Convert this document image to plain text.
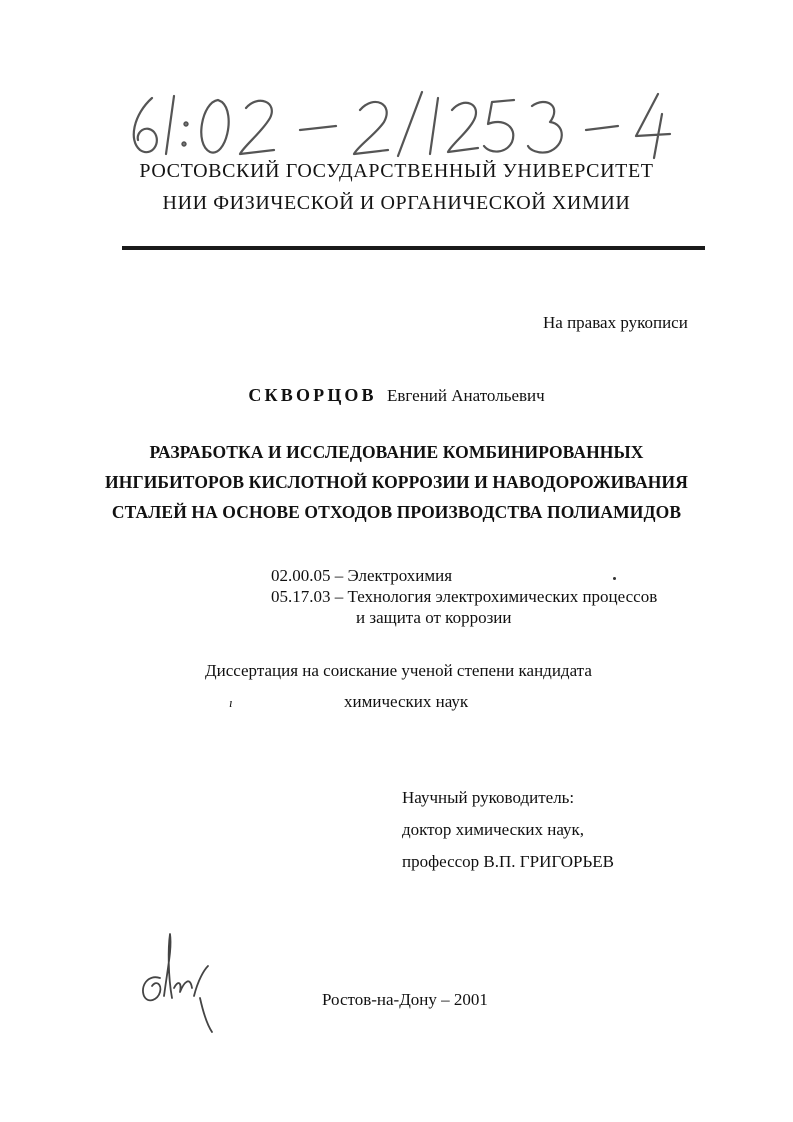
РОСТОВСКИЙ ГОСУДАРСТВЕННЫЙ УНИВЕРСИТЕТ
НИИ ФИЗИЧЕСКОЙ И ОРГАНИЧЕСКОЙ ХИМИИ
На правах рукописи
СКВОРЦОВ Евгений Анатольевич
РАЗРАБОТКА И ИССЛЕДОВАНИЕ КОМБИНИРОВАННЫХ
ИНГИБИТОРОВ КИСЛОТНОЙ КОРРОЗИИ И НАВОДОРОЖИВАНИЯ
СТАЛЕЙ НА ОСНОВЕ ОТХОДОВ ПРОИЗВОДСТВА ПОЛИАМИДОВ
02.00.05 – Электрохимия
05.17.03 – Технология электрохимических процессов
и защита от коррозии
Диссертация на соискание ученой степени кандидата
химических наук
Научный руководитель:
доктор химических наук,
профессор В.П. ГРИГОРЬЕВ
Ростов-на-Дону – 2001
ı
